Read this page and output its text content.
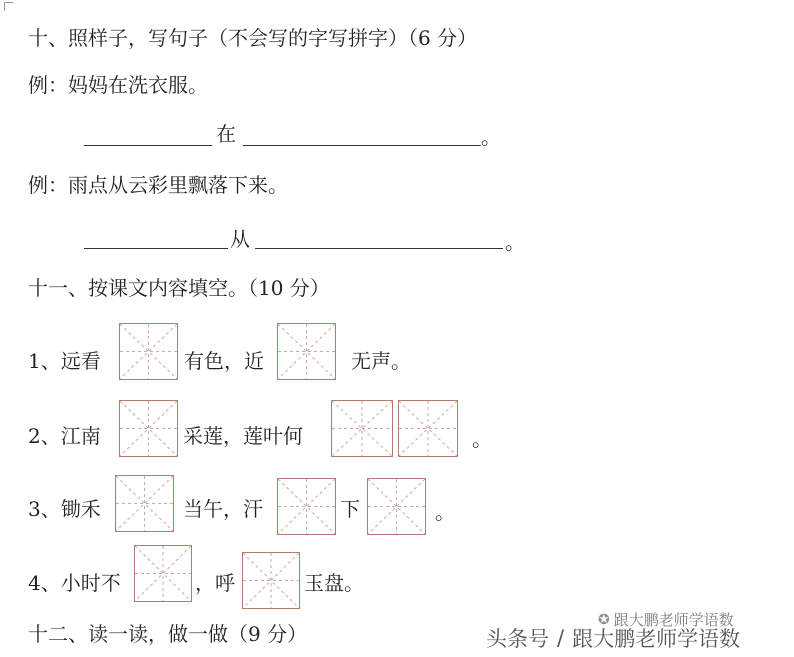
十、照样子，写句子（不会写的字写拼字）（6 分）
例：妈妈在洗衣服。
在	。
例：雨点从云彩里飘落下来。
从	。
十一、按课文内容填空。（10 分）
1、远看	有色，近	无声。
2、江南	采莲，莲叶何	。
3、锄禾	当午，汗	下	。
4、小时不	，呼	玉盘。
十二、读一读，做一做（9 分）
✪ 跟大鹏老师学语数
头条号 / 跟大鹏老师学语数
